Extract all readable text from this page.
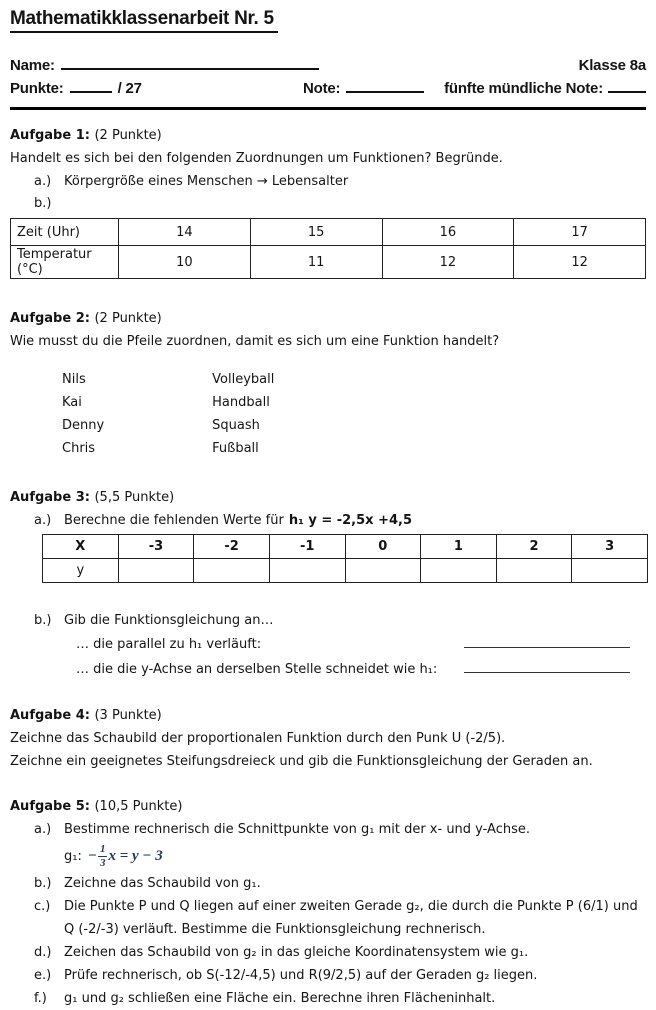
Mathematikklassenarbeit Nr. 5
Name:	Klasse 8a
Punkte:	/ 27	Note:	fünfte mündliche Note:
Aufgabe 1: (2 Punkte)
Handelt es sich bei den folgenden Zuordnungen um Funktionen? Begründe.
a.) Körpergröße eines Menschen → Lebensalter
b.)
Zeit (Uhr)	14	15	16	17
Temperatur (°C)	10	11	12	12
Aufgabe 2: (2 Punkte)
Wie musst du die Pfeile zuordnen, damit es sich um eine Funktion handelt?
Nils	Volleyball
Kai	Handball
Denny	Squash
Chris	Fußball
Aufgabe 3: (5,5 Punkte)
a.) Berechne die fehlenden Werte für h₁ y = -2,5x +4,5
X	-3	-2	-1	0	1	2	3
y							
b.) Gib die Funktionsgleichung an…
… die parallel zu h₁ verläuft:
… die die y-Achse an derselben Stelle schneidet wie h₁:
Aufgabe 4: (3 Punkte)
Zeichne das Schaubild der proportionalen Funktion durch den Punk U (-2/5).
Zeichne ein geeignetes Steifungsdreieck und gib die Funktionsgleichung der Geraden an.
Aufgabe 5: (10,5 Punkte)
a.) Bestimme rechnerisch die Schnittpunkte von g₁ mit der x- und y-Achse.
g₁: − $\frac{1}{3}$ x = y − 3
b.) Zeichne das Schaubild von g₁.
c.)	Die Punkte P und Q liegen auf einer zweiten Gerade g₂, die durch die Punkte P (6/1) und Q (-2/-3) verläuft. Bestimme die Funktionsgleichung rechnerisch.
d.) Zeichen das Schaubild von g₂ in das gleiche Koordinatensystem wie g₁.
e.) Prüfe rechnerisch, ob S(-12/-4,5) und R(9/2,5) auf der Geraden g₂ liegen.
f.)	g₁ und g₂ schließen eine Fläche ein. Berechne ihren Flächeninhalt.
